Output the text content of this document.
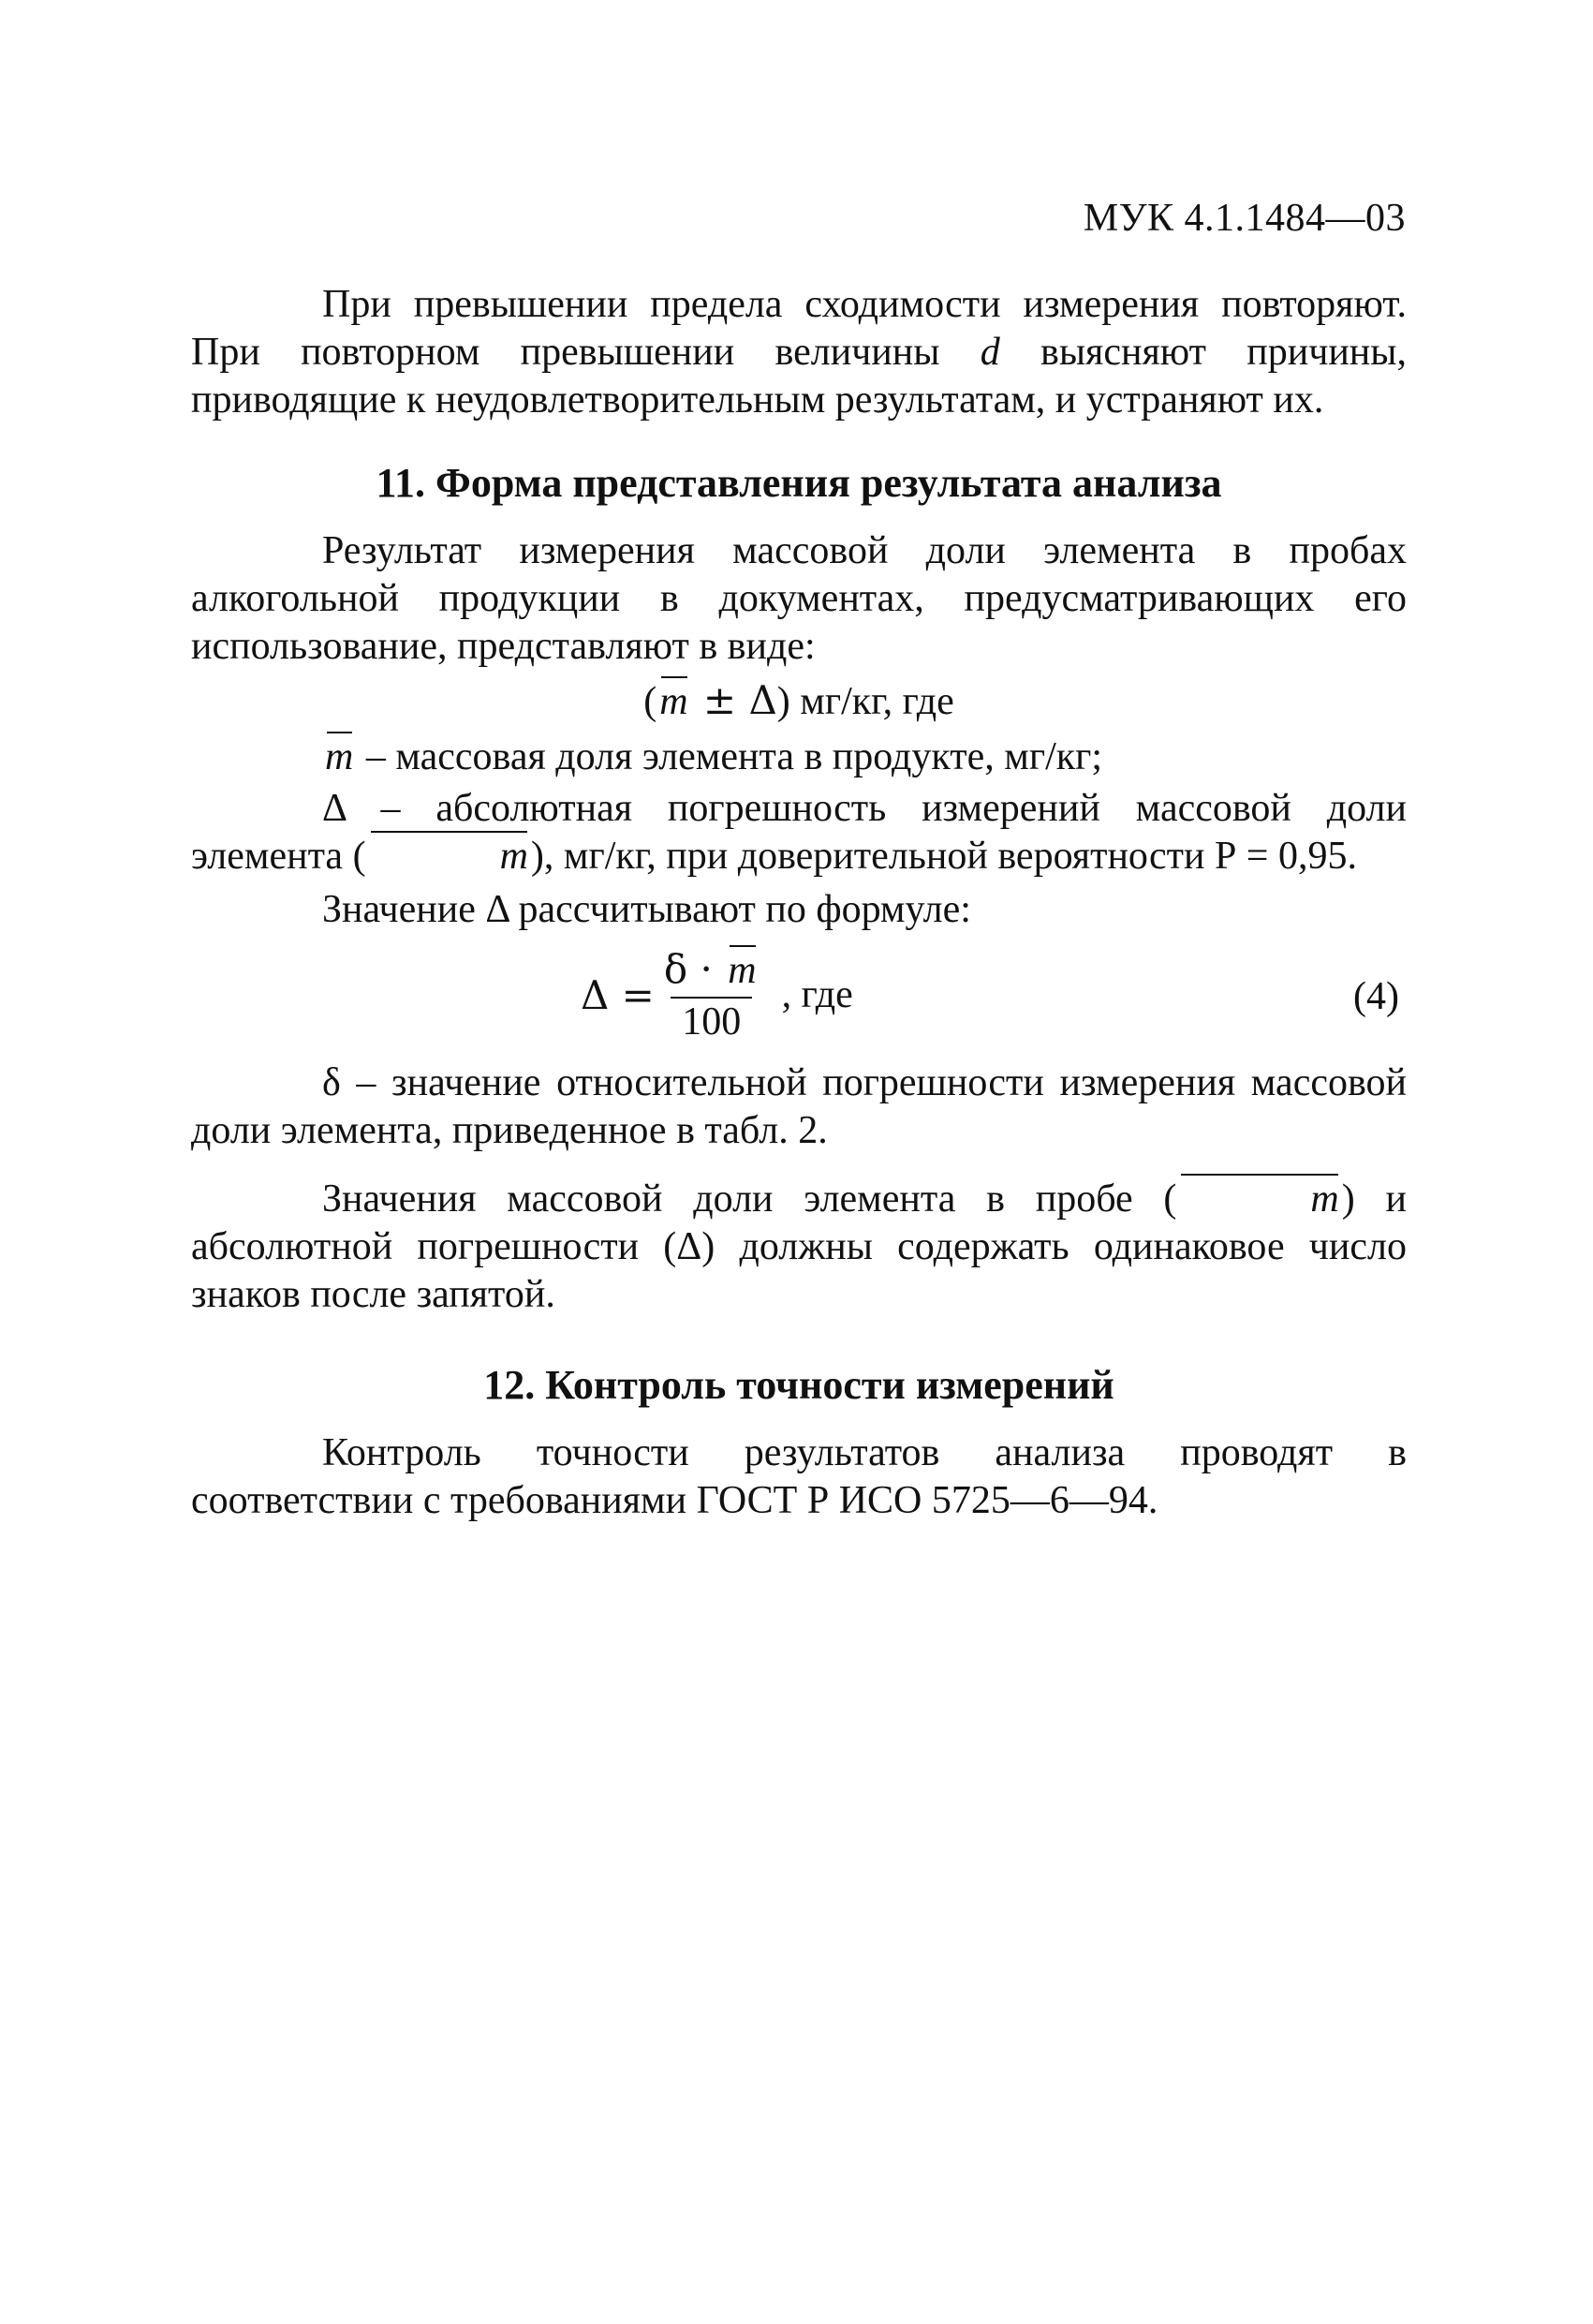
МУК 4.1.1484—03

При превышении предела сходимости измерения повторяют. При повторном превышении величины d выясняют причины, приводящие к неудовлетворительным результатам, и устраняют их.

11. Форма представления результата анализа

Результат измерения массовой доли элемента в пробах алкогольной продукции в документах, предусматривающих его использование, представляют в виде:

(m ± Δ) мг/кг, где

m – массовая доля элемента в продукте, мг/кг;

Δ – абсолютная погрешность измерений массовой доли элемента (	m), мг/кг, при доверительной вероятности Р = 0,95.

Значение Δ рассчитывают по формуле:

$\Delta = \frac{\delta \cdot m}{100}$ , где	(4)

δ – значение относительной погрешности измерения массовой доли элемента, приведенное в табл. 2.

Значения массовой доли элемента в пробе (	m) и абсолютной погрешности (Δ) должны содержать одинаковое число знаков после запятой.

12. Контроль точности измерений

Контроль точности результатов анализа проводят в соответствии с требованиями ГОСТ Р ИСО 5725—6—94.
